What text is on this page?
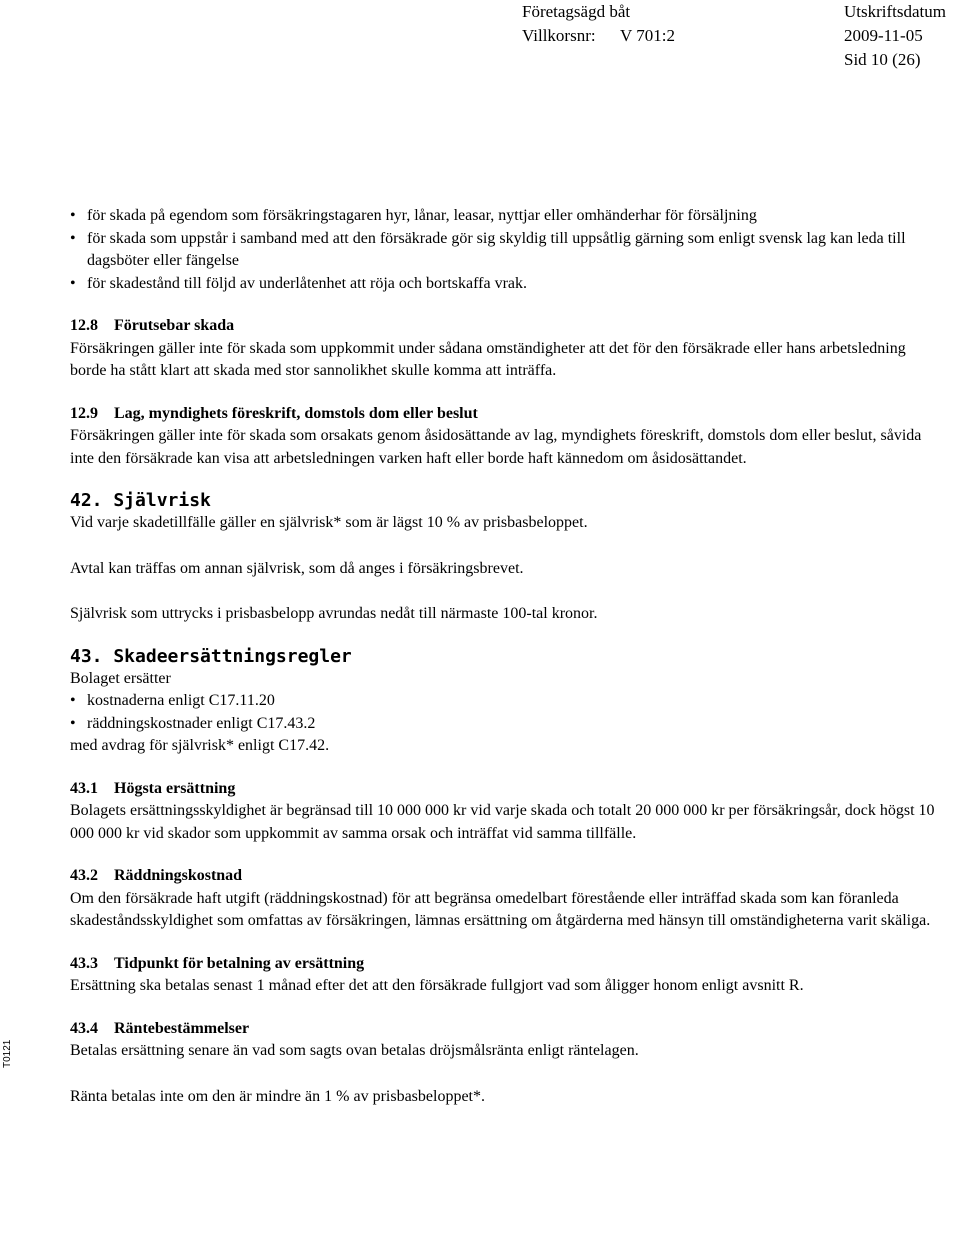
Företagsägd båt
Villkorsnr: V 701:2
Utskriftsdatum
2009-11-05
Sid 10 (26)
T0121
• för skada på egendom som försäkringstagaren hyr, lånar, leasar, nyttjar eller omhänderhar för försäljning
• för skada som uppstår i samband med att den försäkrade gör sig skyldig till uppsåtlig gärning som enligt svensk lag kan leda till dagsböter eller fängelse
• för skadestånd till följd av underlåtenhet att röja och bortskaffa vrak.
12.8 Förutsebar skada

Försäkringen gäller inte för skada som uppkommit under sådana omständigheter att det för den försäkrade eller hans arbetsledning borde ha stått klart att skada med stor sannolikhet skulle komma att inträffa.

12.9 Lag, myndighets föreskrift, domstols dom eller beslut

Försäkringen gäller inte för skada som orsakats genom åsidosättande av lag, myndighets föreskrift, domstols dom eller beslut, såvida inte den försäkrade kan visa att arbetsledningen varken haft eller borde haft kännedom om åsidosättandet.

42. Självrisk

Vid varje skadetillfälle gäller en självrisk* som är lägst 10 % av prisbasbeloppet.

Avtal kan träffas om annan självrisk, som då anges i försäkringsbrevet.

Självrisk som uttrycks i prisbasbelopp avrundas nedåt till närmaste 100-tal kronor.

43. Skadeersättningsregler

Bolaget ersätter

• kostnaderna enligt C17.11.20
• räddningskostnader enligt C17.43.2

med avdrag för självrisk* enligt C17.42.

43.1 Högsta ersättning

Bolagets ersättningsskyldighet är begränsad till 10 000 000 kr vid varje skada och totalt 20 000 000 kr per försäkringsår, dock högst 10 000 000 kr vid skador som uppkommit av samma orsak och inträffat vid samma tillfälle.

43.2 Räddningskostnad

Om den försäkrade haft utgift (räddningskostnad) för att begränsa omedelbart förestående eller inträffad skada som kan föranleda skadeståndsskyldighet som omfattas av försäkringen, lämnas ersättning om åtgärderna med hänsyn till omständigheterna varit skäliga.

43.3 Tidpunkt för betalning av ersättning

Ersättning ska betalas senast 1 månad efter det att den försäkrade fullgjort vad som åligger honom enligt avsnitt R.

43.4 Räntebestämmelser

Betalas ersättning senare än vad som sagts ovan betalas dröjsmålsränta enligt räntelagen.

Ränta betalas inte om den är mindre än 1 % av prisbasbeloppet*.
